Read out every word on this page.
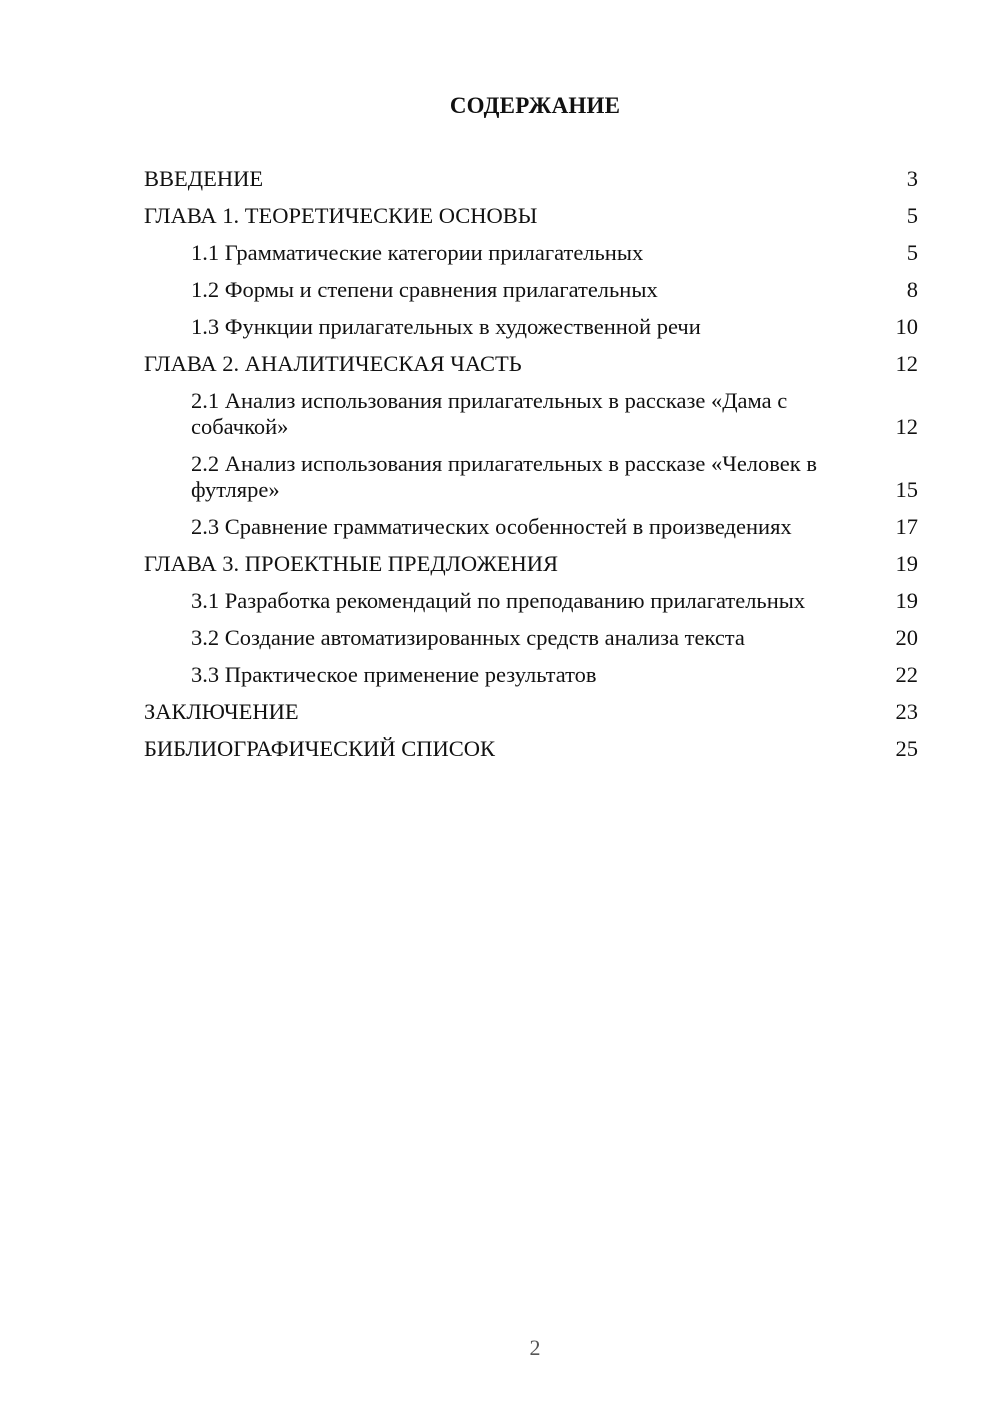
СОДЕРЖАНИЕ
ВВЕДЕНИЕ	3
ГЛАВА 1. ТЕОРЕТИЧЕСКИЕ ОСНОВЫ	5
1.1 Грамматические категории прилагательных	5
1.2 Формы и степени сравнения прилагательных	8
1.3 Функции прилагательных в художественной речи	10
ГЛАВА 2. АНАЛИТИЧЕСКАЯ ЧАСТЬ	12
2.1 Анализ использования прилагательных в рассказе «Дама с собачкой»	12
2.2 Анализ использования прилагательных в рассказе «Человек в футляре»	15
2.3 Сравнение грамматических особенностей в произведениях	17
ГЛАВА 3. ПРОЕКТНЫЕ ПРЕДЛОЖЕНИЯ	19
3.1 Разработка рекомендаций по преподаванию прилагательных	19
3.2 Создание автоматизированных средств анализа текста	20
3.3 Практическое применение результатов	22
ЗАКЛЮЧЕНИЕ	23
БИБЛИОГРАФИЧЕСКИЙ СПИСОК	25
2
